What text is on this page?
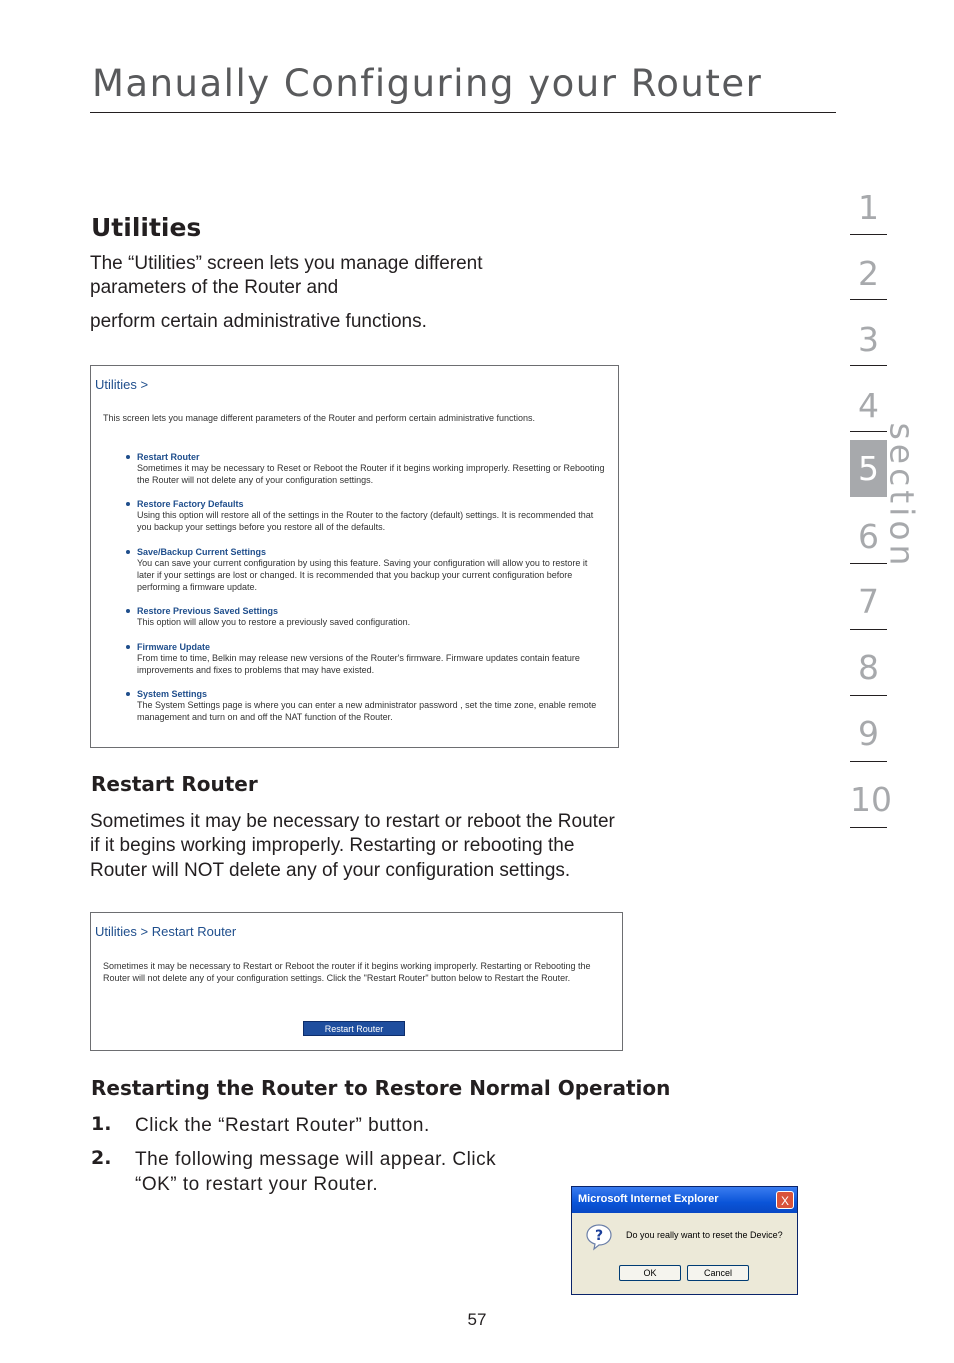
Manually Configuring your Router
1
2
3
4
5
6
7
8
9
10
section
Utilities
The “Utilities” screen lets you manage different
parameters of the Router and
perform certain administrative functions.
Utilities >
This screen lets you manage different parameters of the Router and perform certain administrative functions.
Restart Router
Sometimes it may be necessary to Reset or Reboot the Router if it begins working improperly. Resetting or Rebooting the Router will not delete any of your configuration settings.
Restore Factory Defaults
Using this option will restore all of the settings in the Router to the factory (default) settings. It is recommended that you backup your settings before you restore all of the defaults.
Save/Backup Current Settings
You can save your current configuration by using this feature. Saving your configuration will allow you to restore it later if your settings are lost or changed. It is recommended that you backup your current configuration before performing a firmware update.
Restore Previous Saved Settings
This option will allow you to restore a previously saved configuration.
Firmware Update
From time to time, Belkin may release new versions of the Router's firmware. Firmware updates contain feature improvements and fixes to problems that may have existed.
System Settings
The System Settings page is where you can enter a new administrator password , set the time zone, enable remote management and turn on and off the NAT function of the Router.
Restart Router
Sometimes it may be necessary to restart or reboot the Router
if it begins working improperly. Restarting or rebooting the
Router will NOT delete any of your configuration settings.
Utilities > Restart Router
Sometimes it may be necessary to Restart or Reboot the router if it begins working improperly. Restarting or Rebooting the Router will not delete any of your configuration settings. Click the "Restart Router" button below to Restart the Router.
Restart Router
Restarting the Router to Restore Normal Operation
1. Click the “Restart Router” button.
2. The following message will appear. Click
“OK” to restart your Router.
Microsoft Internet Explorer	X
?	Do you really want to reset the Device?
OK	Cancel
57
